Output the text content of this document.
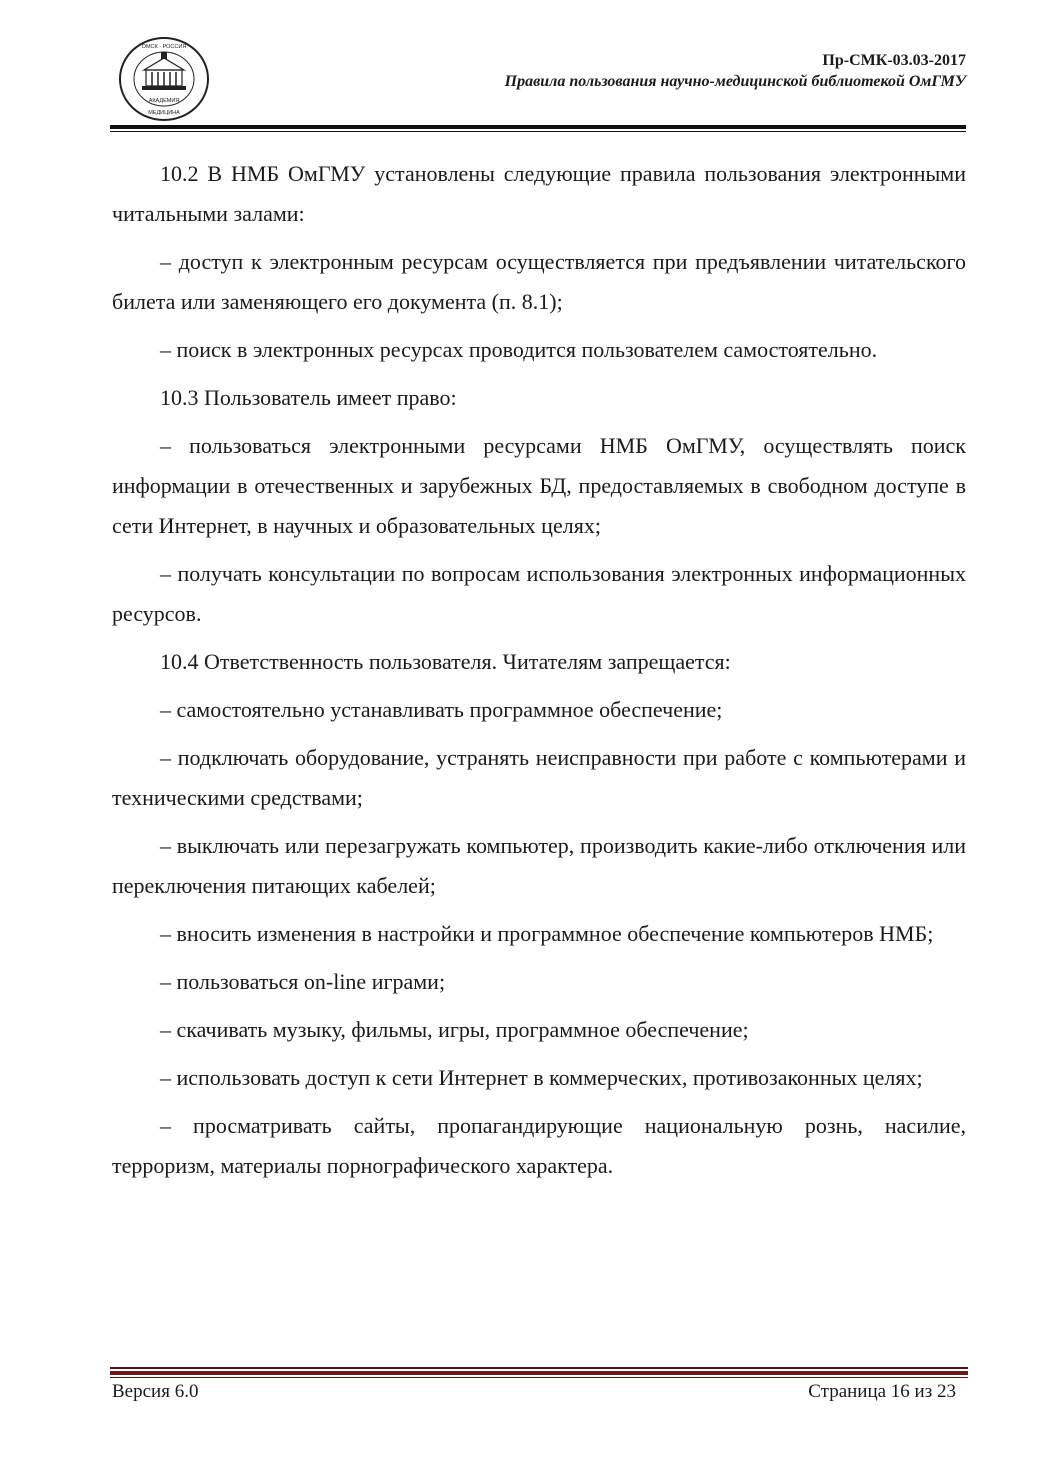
ОМСК · РОССИЯ
АКАДЕМИЯ
МЕДИЦИНА
Пр-СМК-03.03-2017
Правила пользования научно-медицинской библиотекой ОмГМУ

10.2 В НМБ ОмГМУ установлены следующие правила пользования электронными читальными залами:

– доступ к электронным ресурсам осуществляется при предъявлении читательского билета или заменяющего его документа (п. 8.1);

– поиск в электронных ресурсах проводится пользователем самостоятельно.

10.3 Пользователь имеет право:

– пользоваться электронными ресурсами НМБ ОмГМУ, осуществлять поиск информации в отечественных и зарубежных БД, предоставляемых в свободном доступе в сети Интернет, в научных и образовательных целях;

– получать консультации по вопросам использования электронных информационных ресурсов.

10.4 Ответственность пользователя. Читателям запрещается:

– самостоятельно устанавливать программное обеспечение;

– подключать оборудование, устранять неисправности при работе с компьютерами и техническими средствами;

– выключать или перезагружать компьютер, производить какие-либо отключения или переключения питающих кабелей;

– вносить изменения в настройки и программное обеспечение компьютеров НМБ;

– пользоваться on-line играми;

– скачивать музыку, фильмы, игры, программное обеспечение;

– использовать доступ к сети Интернет в коммерческих, противозаконных целях;

– просматривать сайты, пропагандирующие национальную рознь, насилие, терроризм, материалы порнографического характера.

Версия 6.0	Страница 16 из 23
